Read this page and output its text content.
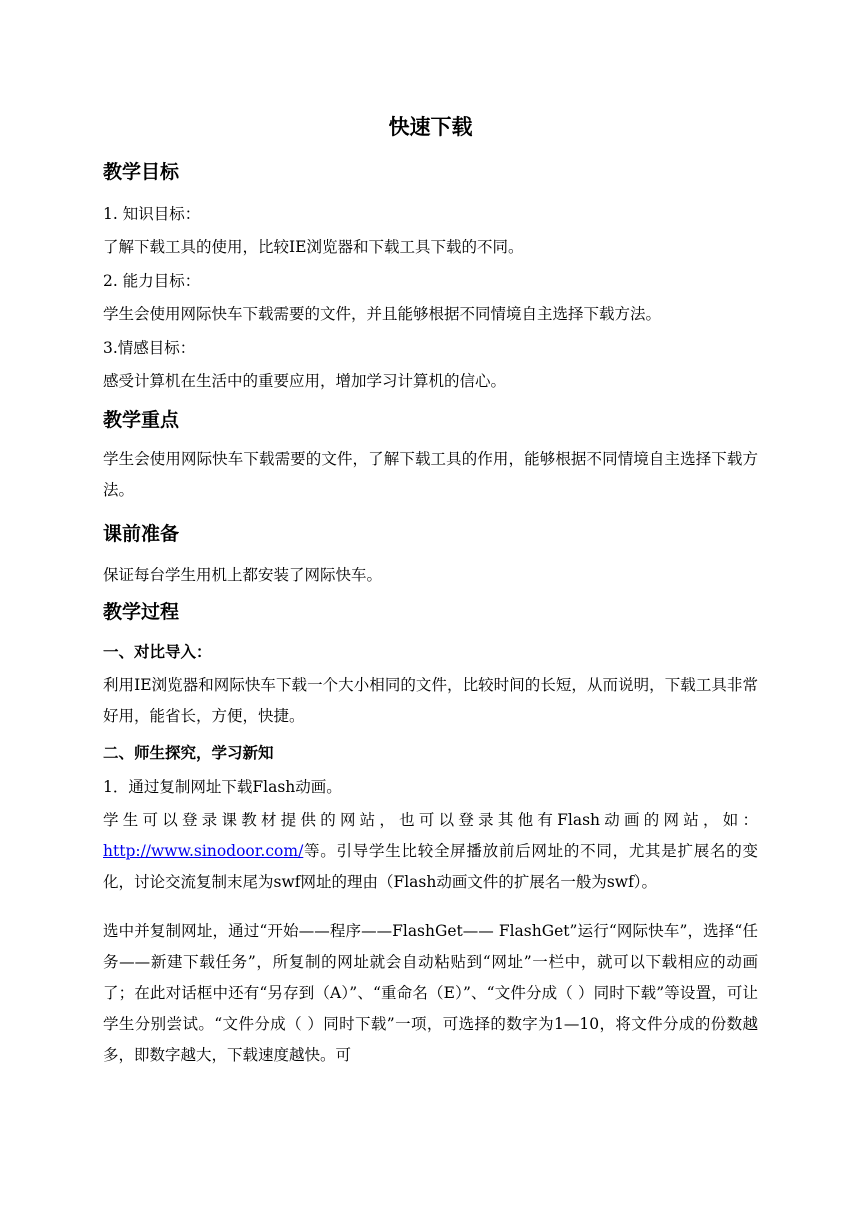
快速下载
教学目标

1. 知识目标：

了解下载工具的使用，比较IE浏览器和下载工具下载的不同。

2. 能力目标：

学生会使用网际快车下载需要的文件，并且能够根据不同情境自主选择下载方法。

3.情感目标：

感受计算机在生活中的重要应用，增加学习计算机的信心。

教学重点

学生会使用网际快车下载需要的文件，了解下载工具的作用，能够根据不同情境自主选择下载方法。

课前准备

保证每台学生用机上都安装了网际快车。

教学过程
一、对比导入：

利用IE浏览器和网际快车下载一个大小相同的文件，比较时间的长短，从而说明，下载工具非常好用，能省长，方便，快捷。

二、师生探究，学习新知

1．通过复制网址下载Flash动画。

学生可以登录课教材提供的网站，也可以登录其他有Flash动画的网站，如：http://www.sinodoor.com/等。引导学生比较全屏播放前后网址的不同，尤其是扩展名的变化，讨论交流复制末尾为swf网址的理由（Flash动画文件的扩展名一般为swf）。

选中并复制网址，通过“开始——程序——FlashGet—— FlashGet”运行“网际快车”，选择“任务——新建下载任务”，所复制的网址就会自动粘贴到“网址”一栏中，就可以下载相应的动画了；在此对话框中还有“另存到（A）”、“重命名（E）”、“文件分成（ ）同时下载”等设置，可让学生分别尝试。“文件分成（ ）同时下载”一项，可选择的数字为1—10，将文件分成的份数越多，即数字越大，下载速度越快。可
